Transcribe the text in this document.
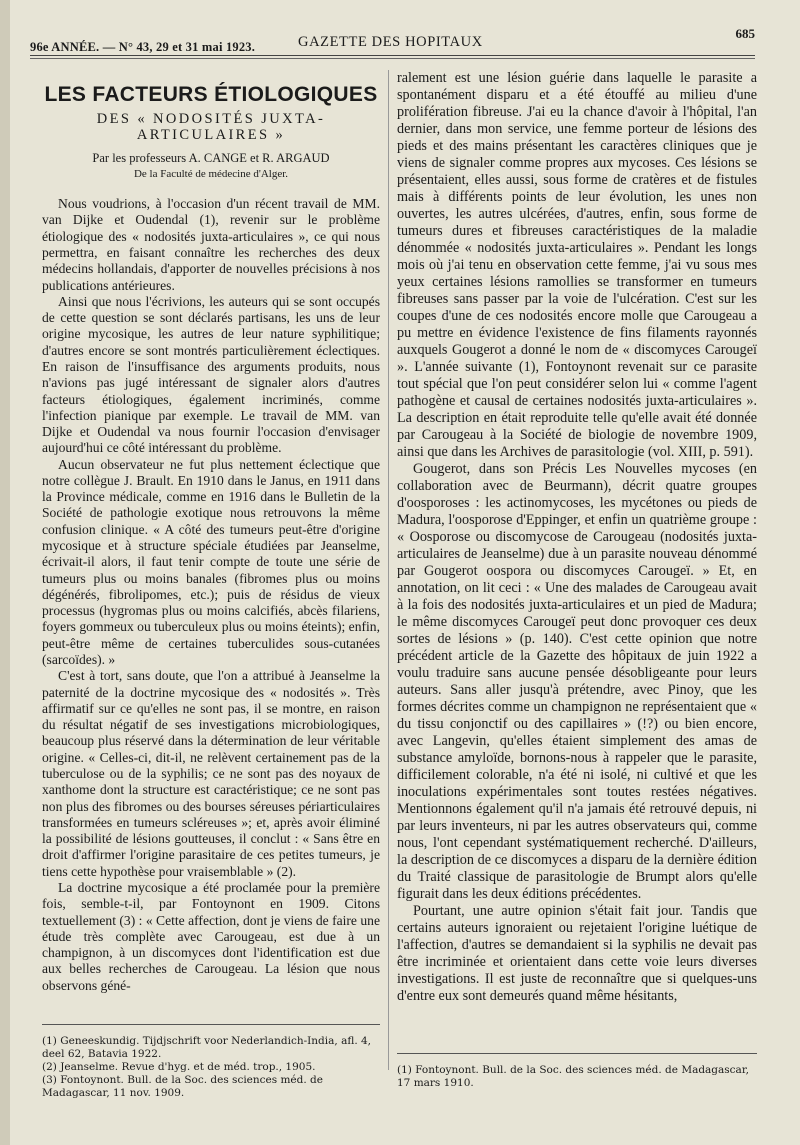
96e ANNÉE. — N° 43, 29 et 31 mai 1923.	GAZETTE DES HOPITAUX
685
LES FACTEURS ÉTIOLOGIQUES
DES « NODOSITÉS JUXTA-ARTICULAIRES »
Par les professeurs A. CANGE et R. ARGAUD
De la Faculté de médecine d'Alger.

Nous voudrions, à l'occasion d'un récent travail de MM. van Dijke et Oudendal (1), revenir sur le problème étiologique des « nodosités juxta-articulaires », ce qui nous permettra, en faisant connaître les recherches des deux médecins hollandais, d'apporter de nouvelles précisions à nos publications antérieures.

Ainsi que nous l'écrivions, les auteurs qui se sont occupés de cette question se sont déclarés partisans, les uns de leur origine mycosique, les autres de leur nature syphilitique; d'autres encore se sont montrés particulièrement éclectiques. En raison de l'insuffisance des arguments produits, nous n'avions pas jugé intéressant de signaler alors d'autres facteurs étiologiques, également incriminés, comme l'infection pianique par exemple. Le travail de MM. van Dijke et Oudendal va nous fournir l'occasion d'envisager aujourd'hui ce côté intéressant du problème.

Aucun observateur ne fut plus nettement éclectique que notre collègue J. Brault. En 1910 dans le Janus, en 1911 dans la Province médicale, comme en 1916 dans le Bulletin de la Société de pathologie exotique nous retrouvons la même confusion clinique. « A côté des tumeurs peut-être d'origine mycosique et à structure spéciale étudiées par Jeanselme, écrivait-il alors, il faut tenir compte de toute une série de tumeurs plus ou moins banales (fibromes plus ou moins dégénérés, fibrolipomes, etc.); puis de résidus de vieux processus (hygromas plus ou moins calcifiés, abcès filariens, foyers gommeux ou tuberculeux plus ou moins éteints); enfin, peut-être même de certaines tuberculides sous-cutanées (sarcoïdes). »

C'est à tort, sans doute, que l'on a attribué à Jeanselme la paternité de la doctrine mycosique des « nodosités ». Très affirmatif sur ce qu'elles ne sont pas, il se montre, en raison du résultat négatif de ses investigations microbiologiques, beaucoup plus réservé dans la détermination de leur véritable origine. « Celles-ci, dit-il, ne relèvent certainement pas de la tuberculose ou de la syphilis; ce ne sont pas des noyaux de xanthome dont la structure est caractéristique; ce ne sont pas non plus des fibromes ou des bourses séreuses périarticulaires transformées en tumeurs scléreuses »; et, après avoir éliminé la possibilité de lésions goutteuses, il conclut : « Sans être en droit d'affirmer l'origine parasitaire de ces petites tumeurs, je tiens cette hypothèse pour vraisemblable » (2).

La doctrine mycosique a été proclamée pour la première fois, semble-t-il, par Fontoynont en 1909. Citons textuellement (3) : « Cette affection, dont je viens de faire une étude très complète avec Carougeau, est due à un champignon, à un discomyces dont l'identification est due aux belles recherches de Carougeau. La lésion que nous observons géné-

(1) Geneeskundig. Tijdjschrift voor Nederlandich-India, afl. 4, deel 62, Batavia 1922.

(2) Jeanselme. Revue d'hyg. et de méd. trop., 1905.

(3) Fontoynont. Bull. de la Soc. des sciences méd. de Madagascar, 11 nov. 1909.

ralement est une lésion guérie dans laquelle le parasite a spontanément disparu et a été étouffé au milieu d'une prolifération fibreuse. J'ai eu la chance d'avoir à l'hôpital, l'an dernier, dans mon service, une femme porteur de lésions des pieds et des mains présentant les caractères cliniques que je viens de signaler comme propres aux mycoses. Ces lésions se présentaient, elles aussi, sous forme de cratères et de fistules mais à différents points de leur évolution, les unes non ouvertes, les autres ulcérées, d'autres, enfin, sous forme de tumeurs dures et fibreuses caractéristiques de la maladie dénommée « nodosités juxta-articulaires ». Pendant les longs mois où j'ai tenu en observation cette femme, j'ai vu sous mes yeux certaines lésions ramollies se transformer en tumeurs fibreuses sans passer par la voie de l'ulcération. C'est sur les coupes d'une de ces nodosités encore molle que Carougeau a pu mettre en évidence l'existence de fins filaments rayonnés auxquels Gougerot a donné le nom de « discomyces Carougeï ». L'année suivante (1), Fontoynont revenait sur ce parasite tout spécial que l'on peut considérer selon lui « comme l'agent pathogène et causal de certaines nodosités juxta-articulaires ». La description en était reproduite telle qu'elle avait été donnée par Carougeau à la Société de biologie de novembre 1909, ainsi que dans les Archives de parasitologie (vol. XIII, p. 591).

Gougerot, dans son Précis Les Nouvelles mycoses (en collaboration avec de Beurmann), décrit quatre groupes d'oosporoses : les actinomycoses, les mycétones ou pieds de Madura, l'oosporose d'Eppinger, et enfin un quatrième groupe : « Oosporose ou discomycose de Carougeau (nodosités juxta-articulaires de Jeanselme) due à un parasite nouveau dénommé par Gougerot oospora ou discomyces Carougeï. » Et, en annotation, on lit ceci : « Une des malades de Carougeau avait à la fois des nodosités juxta-articulaires et un pied de Madura; le même discomyces Carougeï peut donc provoquer ces deux sortes de lésions » (p. 140). C'est cette opinion que notre précédent article de la Gazette des hôpitaux de juin 1922 a voulu traduire sans aucune pensée désobligeante pour leurs auteurs. Sans aller jusqu'à prétendre, avec Pinoy, que les formes décrites comme un champignon ne représentaient que « du tissu conjonctif ou des capillaires » (!?) ou bien encore, avec Langevin, qu'elles étaient simplement des amas de substance amyloïde, bornons-nous à rappeler que le parasite, difficilement colorable, n'a été ni isolé, ni cultivé et que les inoculations expérimentales sont toutes restées négatives. Mentionnons également qu'il n'a jamais été retrouvé depuis, ni par leurs inventeurs, ni par les autres observateurs qui, comme nous, l'ont cependant systématiquement recherché. D'ailleurs, la description de ce discomyces a disparu de la dernière édition du Traité classique de parasitologie de Brumpt alors qu'elle figurait dans les deux éditions précédentes.

Pourtant, une autre opinion s'était fait jour. Tandis que certains auteurs ignoraient ou rejetaient l'origine luétique de l'affection, d'autres se demandaient si la syphilis ne devait pas être incriminée et orientaient dans cette voie leurs diverses investigations. Il est juste de reconnaître que si quelques-uns d'entre eux sont demeurés quand même hésitants,

(1) Fontoynont. Bull. de la Soc. des sciences méd. de Madagascar, 17 mars 1910.
